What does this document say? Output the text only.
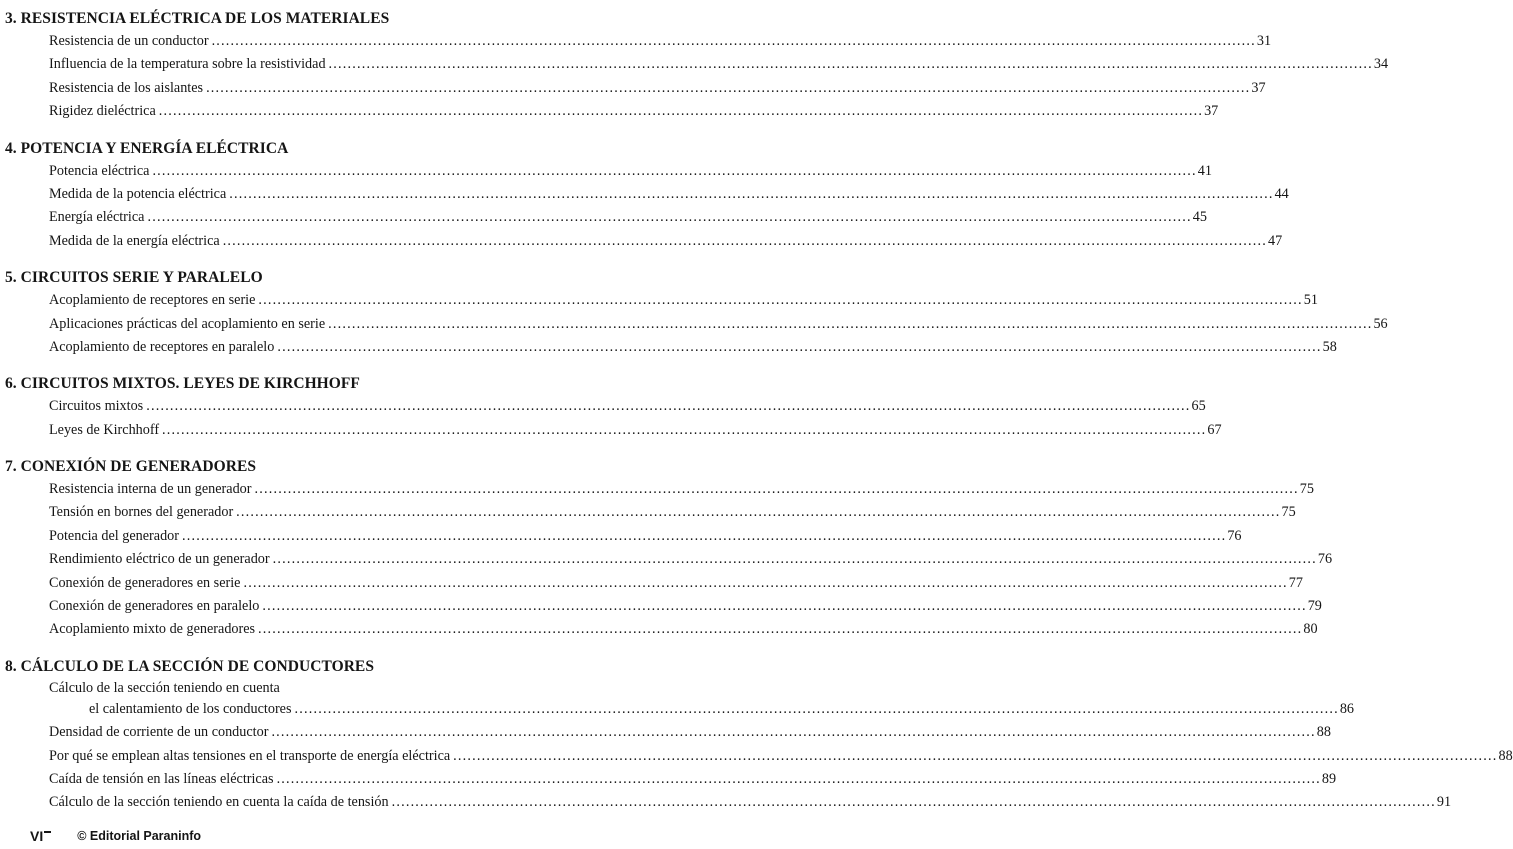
3. RESISTENCIA ELÉCTRICA DE LOS MATERIALES
Resistencia de un conductor ............................................................................................................................................................................................................................ 31
Influencia de la temperatura sobre la resistividad ............................................................................................................................................................................................................................ 34
Resistencia de los aislantes ............................................................................................................................................................................................................................ 37
Rigidez dieléctrica ............................................................................................................................................................................................................................ 37
4. POTENCIA Y ENERGÍA ELÉCTRICA
Potencia eléctrica ............................................................................................................................................................................................................................ 41
Medida de la potencia eléctrica ............................................................................................................................................................................................................................ 44
Energía eléctrica ............................................................................................................................................................................................................................ 45
Medida de la energía eléctrica ............................................................................................................................................................................................................................ 47
5. CIRCUITOS SERIE Y PARALELO
Acoplamiento de receptores en serie ............................................................................................................................................................................................................................ 51
Aplicaciones prácticas del acoplamiento en serie ............................................................................................................................................................................................................................ 56
Acoplamiento de receptores en paralelo ............................................................................................................................................................................................................................ 58
6. CIRCUITOS MIXTOS. LEYES DE KIRCHHOFF
Circuitos mixtos ............................................................................................................................................................................................................................ 65
Leyes de Kirchhoff ............................................................................................................................................................................................................................ 67
7. CONEXIÓN DE GENERADORES
Resistencia interna de un generador ............................................................................................................................................................................................................................ 75
Tensión en bornes del generador ............................................................................................................................................................................................................................ 75
Potencia del generador ............................................................................................................................................................................................................................ 76
Rendimiento eléctrico de un generador ............................................................................................................................................................................................................................ 76
Conexión de generadores en serie ............................................................................................................................................................................................................................ 77
Conexión de generadores en paralelo ............................................................................................................................................................................................................................ 79
Acoplamiento mixto de generadores ............................................................................................................................................................................................................................ 80
8. CÁLCULO DE LA SECCIÓN DE CONDUCTORES
Cálculo de la sección teniendo en cuenta
el calentamiento de los conductores ............................................................................................................................................................................................................................ 86
Densidad de corriente de un conductor ............................................................................................................................................................................................................................ 88
Por qué se emplean altas tensiones en el transporte de energía eléctrica ............................................................................................................................................................................................................................ 88
Caída de tensión en las líneas eléctricas ............................................................................................................................................................................................................................ 89
Cálculo de la sección teniendo en cuenta la caída de tensión ............................................................................................................................................................................................................................ 91
VI	© Editorial Paraninfo
